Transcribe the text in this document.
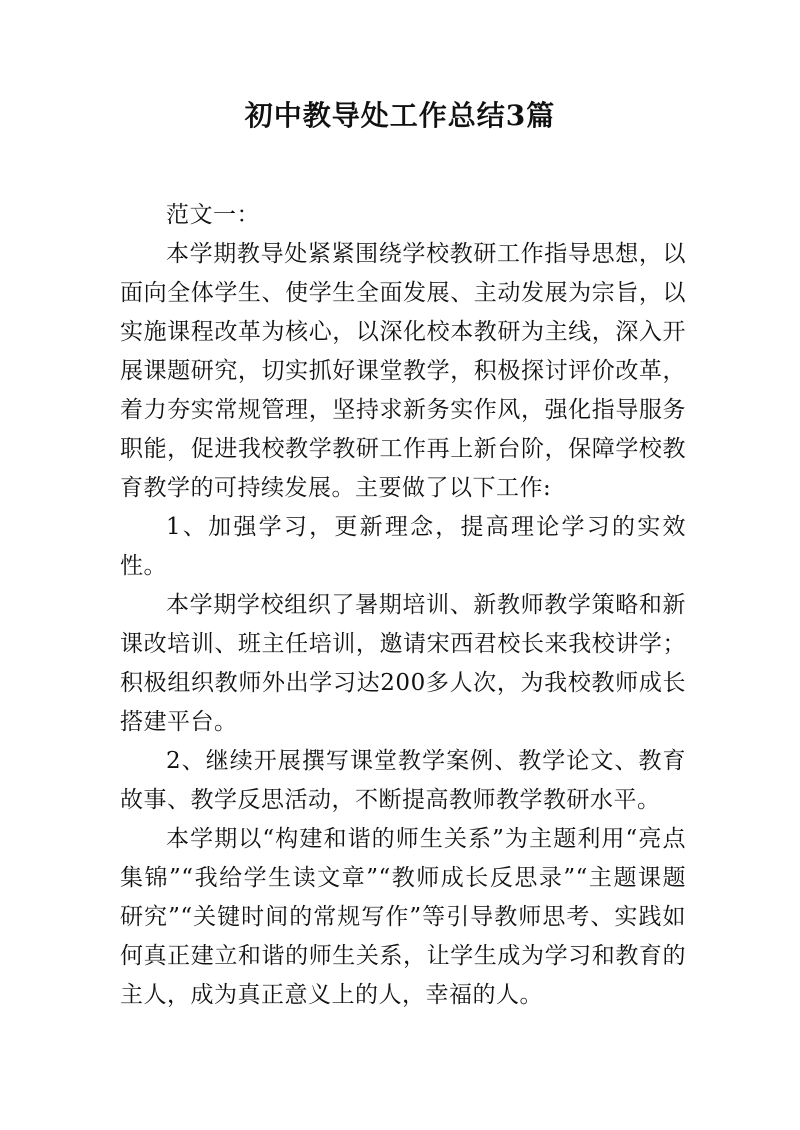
初中教导处工作总结3篇

范文一：

本学期教导处紧紧围绕学校教研工作指导思想，以面向全体学生、使学生全面发展、主动发展为宗旨，以实施课程改革为核心，以深化校本教研为主线，深入开展课题研究，切实抓好课堂教学，积极探讨评价改革，着力夯实常规管理，坚持求新务实作风，强化指导服务职能，促进我校教学教研工作再上新台阶，保障学校教育教学的可持续发展。主要做了以下工作:

1、加强学习，更新理念，提高理论学习的实效性。

本学期学校组织了暑期培训、新教师教学策略和新课改培训、班主任培训，邀请宋西君校长来我校讲学；积极组织教师外出学习达200多人次，为我校教师成长搭建平台。

2、继续开展撰写课堂教学案例、教学论文、教育故事、教学反思活动，不断提高教师教学教研水平。

本学期以“构建和谐的师生关系”为主题利用“亮点集锦”“我给学生读文章”“教师成长反思录”“主题课题研究”“关键时间的常规写作”等引导教师思考、实践如何真正建立和谐的师生关系，让学生成为学习和教育的主人，成为真正意义上的人，幸福的人。
